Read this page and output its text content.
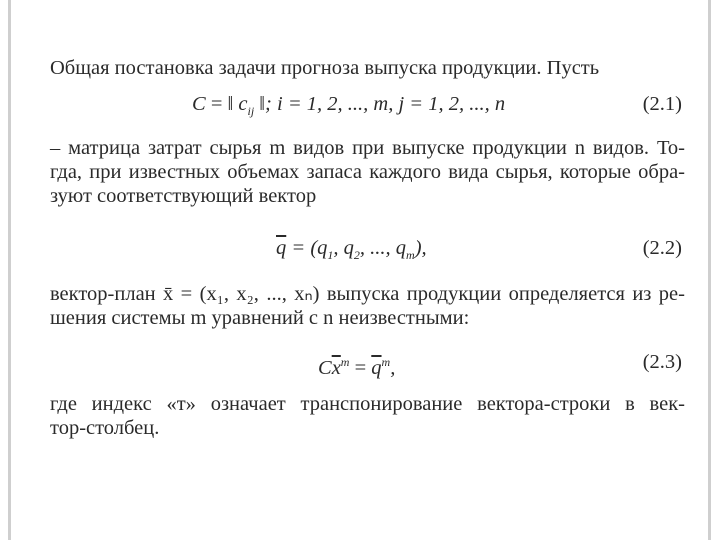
Общая постановка задачи прогноза выпуска продукции. Пусть
C = ‖ $c_{ij}$ ‖; i = 1, 2, ..., m, j = 1, 2, ..., n	(2.1)
– матрица затрат сырья m видов при выпуске продукции n видов. То-
гда, при известных объемах запаса каждого вида сырья, которые обра-
зуют соответствующий вектор
$\overline{q} = (q_1$, $q_2$, ..., $q_m$),	(2.2)
вектор-план x̄ = (x₁, x₂, ..., xₙ) выпуска продукции определяется из ре-
шения системы m уравнений с n неизвестными:
$C\overline{x}^т = \overline{q}^т$,	(2.3)
где индекс «т» означает транспонирование вектора-строки в век-
тор-столбец.
